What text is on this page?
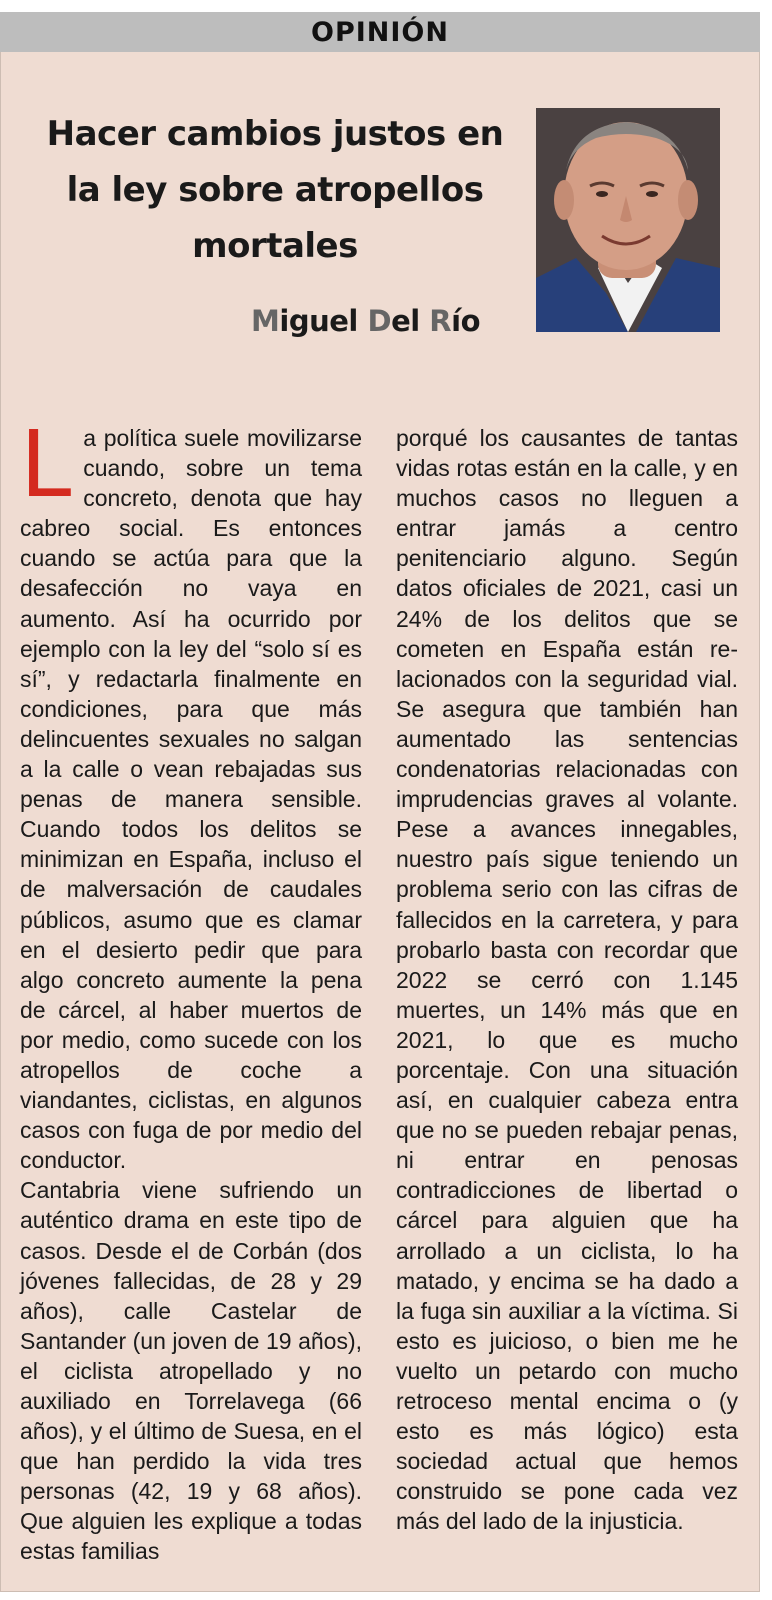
OPINIÓN
Hacer cambios justos en la ley sobre atropellos mortales
Miguel Del Río
L a política suele movilizarse cuando, sobre un tema concreto, denota que hay cabreo social. Es entonces cuando se actúa para que la desafección no vaya en aumento. Así ha ocurrido por ejemplo con la ley del “solo sí es sí”, y redactarla finalmente en condiciones, para que más delincuentes sexuales no salgan a la calle o vean rebajadas sus penas de manera sensible. Cuando todos los delitos se minimizan en España, incluso el de malversación de caudales públicos, asumo que es clamar en el desierto pedir que para algo concreto aumente la pena de cárcel, al haber muertos de por medio, como sucede con los atropellos de coche a viandantes, ciclistas, en algunos casos con fuga de por medio del conductor.

Cantabria viene sufriendo un auténtico drama en este tipo de casos. Desde el de Corbán (dos jóvenes fallecidas, de 28 y 29 años), calle Castelar de Santander (un joven de 19 años), el ciclista atropellado y no auxiliado en Torrelavega (66 años), y el último de Suesa, en el que han perdido la vida tres personas (42, 19 y 68 años). Que alguien les explique a todas estas familias

porqué los causantes de tantas vidas rotas están en la calle, y en muchos casos no lleguen a entrar jamás a centro penitenciario alguno. Según datos oficiales de 2021, casi un 24% de los delitos que se cometen en España están relacionados con la seguridad vial. Se asegura que también han aumentado las sentencias condenatorias relacionadas con imprudencias graves al volante. Pese a avances innegables, nuestro país sigue teniendo un problema serio con las cifras de fallecidos en la carretera, y para probarlo basta con recordar que 2022 se cerró con 1.145 muertes, un 14% más que en 2021, lo que es mucho porcentaje. Con una situación así, en cualquier cabeza entra que no se pueden rebajar penas, ni entrar en penosas contradicciones de libertad o cárcel para alguien que ha arrollado a un ciclista, lo ha matado, y encima se ha dado a la fuga sin auxiliar a la víctima. Si esto es juicioso, o bien me he vuelto un petardo con mucho retroceso mental encima o (y esto es más lógico) esta sociedad actual que hemos construido se pone cada vez más del lado de la injusticia.
